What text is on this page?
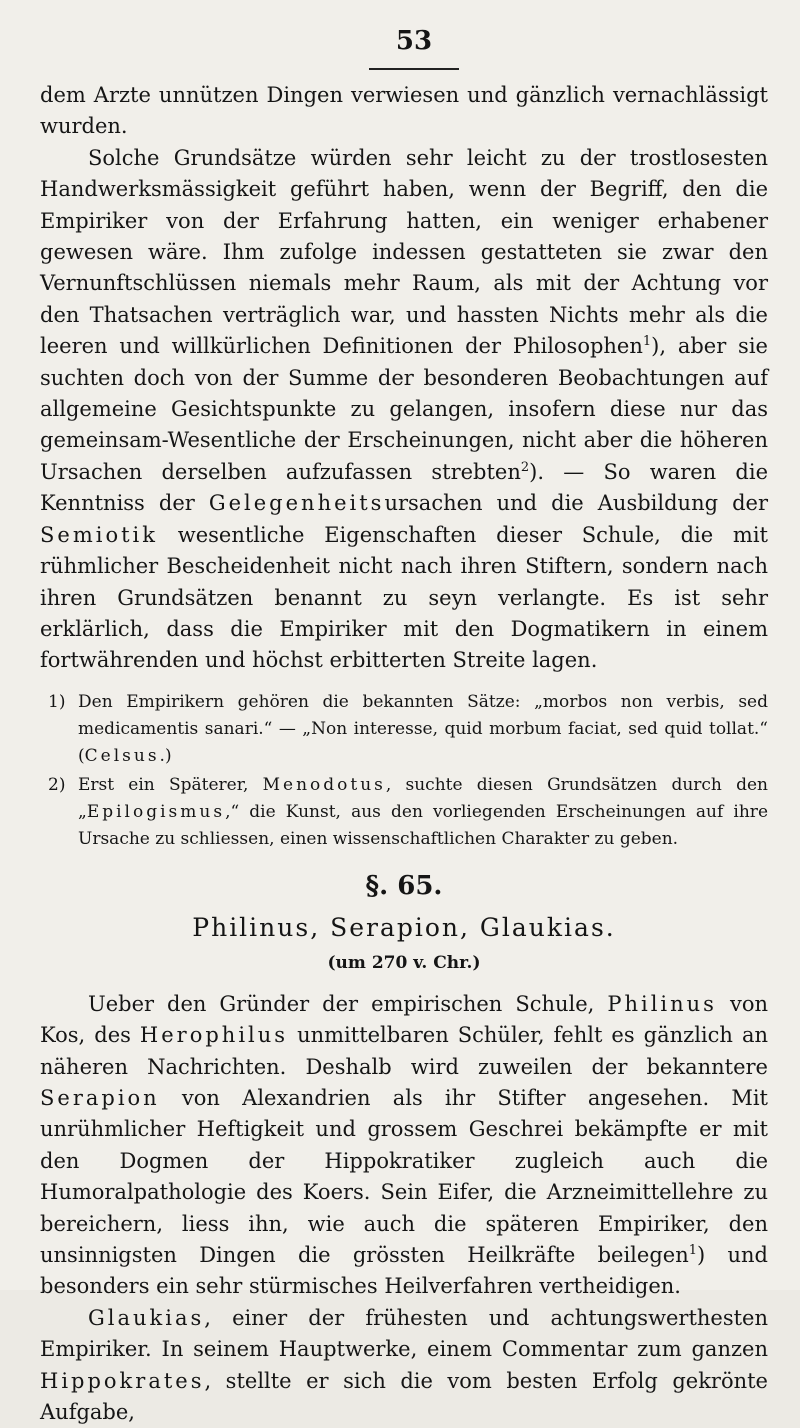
53

dem Arzte unnützen Dingen verwiesen und gänzlich vernachlässigt wurden.

Solche Grundsätze würden sehr leicht zu der trostlosesten Handwerksmässigkeit geführt haben, wenn der Begriff, den die Empiriker von der Erfahrung hatten, ein weniger erhabener gewesen wäre. Ihm zufolge indessen gestatteten sie zwar den Vernunftschlüssen niemals mehr Raum, als mit der Achtung vor den Thatsachen verträglich war, und hassten Nichts mehr als die leeren und willkürlichen Definitionen der Philosophen$^1$), aber sie suchten doch von der Summe der besonderen Beobachtungen auf allgemeine Gesichtspunkte zu gelangen, insofern diese nur das gemeinsam-Wesentliche der Erscheinungen, nicht aber die höheren Ursachen derselben aufzufassen strebten$^2$). — So waren die Kenntniss der Gelegenheitsursachen und die Ausbildung der Semiotik wesentliche Eigenschaften dieser Schule, die mit rühmlicher Bescheidenheit nicht nach ihren Stiftern, sondern nach ihren Grundsätzen benannt zu seyn verlangte. Es ist sehr erklärlich, dass die Empiriker mit den Dogmatikern in einem fortwährenden und höchst erbitterten Streite lagen.

1) Den Empirikern gehören die bekannten Sätze: „morbos non verbis, sed medicamentis sanari.“ — „Non interesse, quid morbum faciat, sed quid tollat.“ (Celsus.)
2) Erst ein Späterer, Menodotus, suchte diesen Grundsätzen durch den „Epilogismus,“ die Kunst, aus den vorliegenden Erscheinungen auf ihre Ursache zu schliessen, einen wissenschaftlichen Charakter zu geben.
§. 65.
Philinus, Serapion, Glaukias.
(um 270 v. Chr.)

Ueber den Gründer der empirischen Schule, Philinus von Kos, des Herophilus unmittelbaren Schüler, fehlt es gänzlich an näheren Nachrichten. Deshalb wird zuweilen der bekanntere Serapion von Alexandrien als ihr Stifter angesehen. Mit unrühmlicher Heftigkeit und grossem Geschrei bekämpfte er mit den Dogmen der Hippokratiker zugleich auch die Humoralpathologie des Koers. Sein Eifer, die Arzneimittellehre zu bereichern, liess ihn, wie auch die späteren Empiriker, den unsinnigsten Dingen die grössten Heilkräfte beilegen$^1$) und besonders ein sehr stürmisches Heilverfahren vertheidigen.

Glaukias, einer der frühesten und achtungswerthesten Empiriker. In seinem Hauptwerke, einem Commentar zum ganzen Hippokrates, stellte er sich die vom besten Erfolg gekrönte Aufgabe,
